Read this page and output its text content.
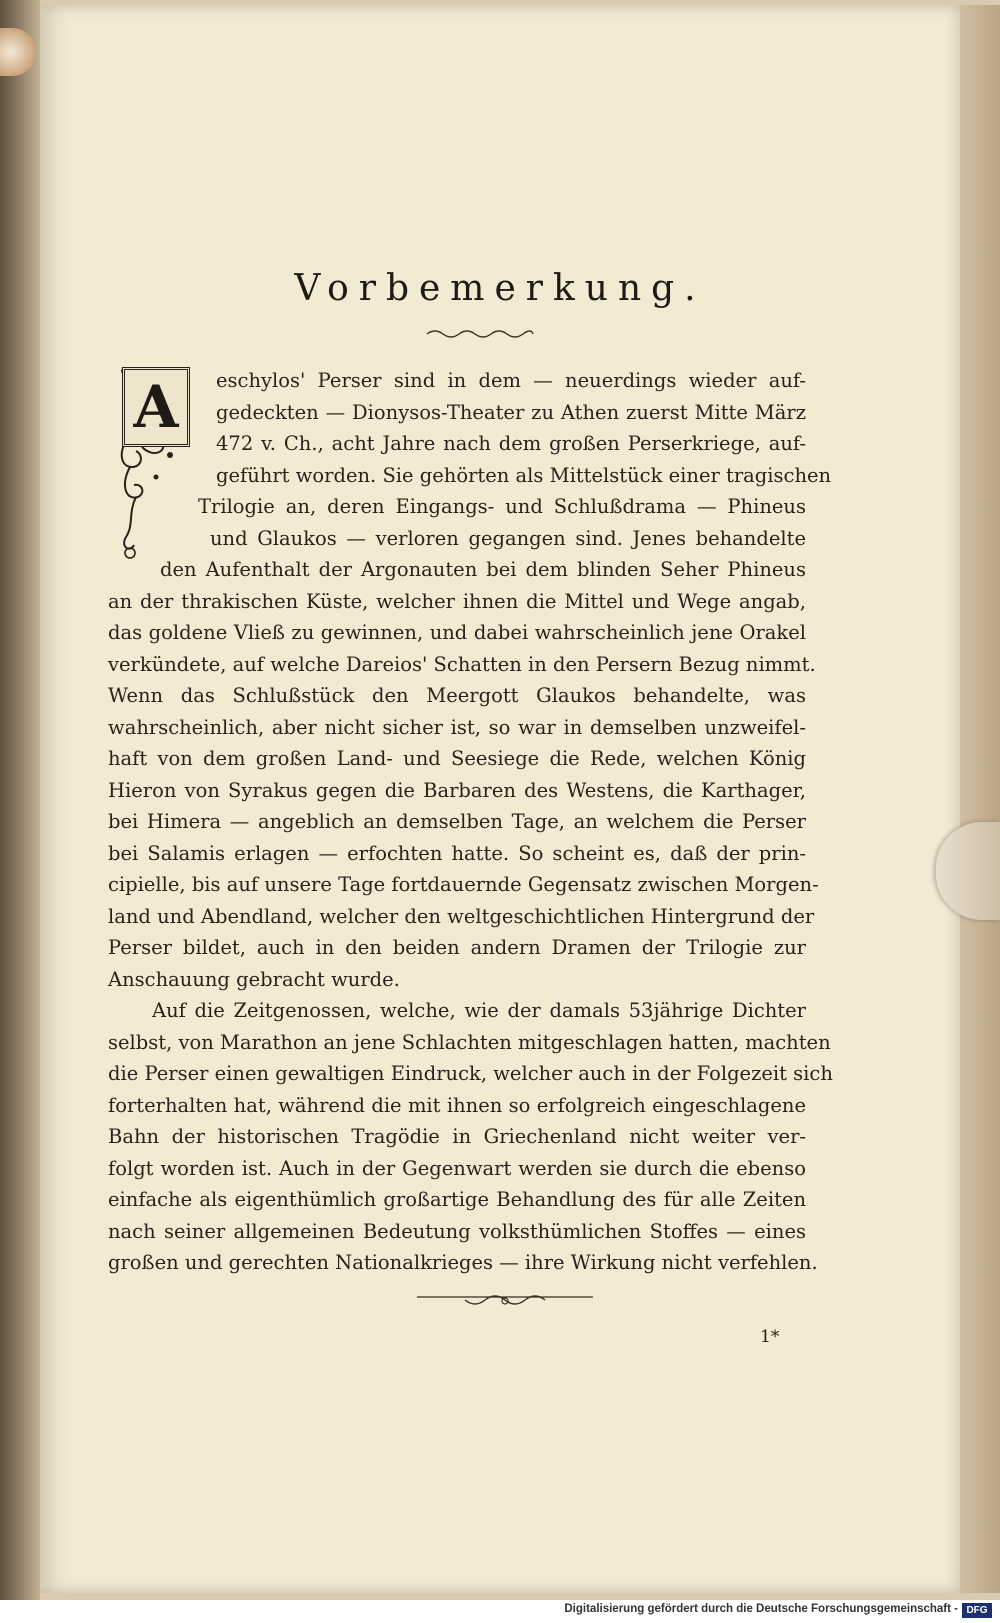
Vorbemerkung.
A	eschylos' Perser sind in dem — neuerdings wieder auf-

gedeckten — Dionysos-Theater zu Athen zuerst Mitte März

472 v. Ch., acht Jahre nach dem großen Perserkriege, auf-

geführt worden. Sie gehörten als Mittelstück einer tragischen

Trilogie an, deren Eingangs- und Schlußdrama — Phineus

und Glaukos — verloren gegangen sind. Jenes behandelte

den Aufenthalt der Argonauten bei dem blinden Seher Phineus

an der thrakischen Küste, welcher ihnen die Mittel und Wege angab,

das goldene Vließ zu gewinnen, und dabei wahrscheinlich jene Orakel

verkündete, auf welche Dareios' Schatten in den Persern Bezug nimmt.

Wenn das Schlußstück den Meergott Glaukos behandelte, was

wahrscheinlich, aber nicht sicher ist, so war in demselben unzweifel-

haft von dem großen Land- und Seesiege die Rede, welchen König

Hieron von Syrakus gegen die Barbaren des Westens, die Karthager,

bei Himera — angeblich an demselben Tage, an welchem die Perser

bei Salamis erlagen — erfochten hatte. So scheint es, daß der prin-

cipielle, bis auf unsere Tage fortdauernde Gegensatz zwischen Morgen-

land und Abendland, welcher den weltgeschichtlichen Hintergrund der

Perser bildet, auch in den beiden andern Dramen der Trilogie zur

Anschauung gebracht wurde.

Auf die Zeitgenossen, welche, wie der damals 53jährige Dichter

selbst, von Marathon an jene Schlachten mitgeschlagen hatten, machten

die Perser einen gewaltigen Eindruck, welcher auch in der Folgezeit sich

forterhalten hat, während die mit ihnen so erfolgreich eingeschlagene

Bahn der historischen Tragödie in Griechenland nicht weiter ver-

folgt worden ist. Auch in der Gegenwart werden sie durch die ebenso

einfache als eigenthümlich großartige Behandlung des für alle Zeiten

nach seiner allgemeinen Bedeutung volksthümlichen Stoffes — eines

großen und gerechten Nationalkrieges — ihre Wirkung nicht verfehlen.

1*
Digitalisierung gefördert durch die Deutsche Forschungsgemeinschaft - DFG
